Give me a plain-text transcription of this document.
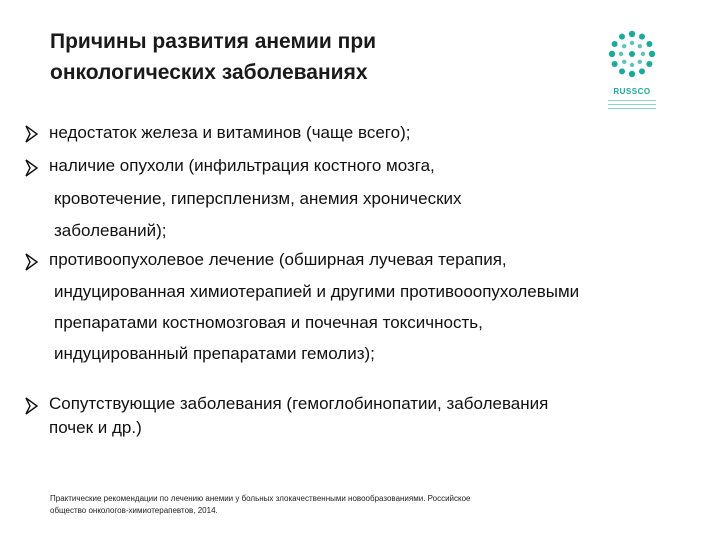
Причины развития анемии при
онкологических заболеваниях
RUSSCO
недостаток железа и витаминов (чаще всего);
наличие опухоли (инфильтрация костного мозга,
кровотечение, гиперспленизм, анемия хронических
заболеваний);
противоопухолевое лечение (обширная лучевая терапия,
индуцированная химиотерапией и другими противооопухолевыми
препаратами костномозговая и почечная токсичность,
индуцированный препаратами гемолиз);
Сопутствующие заболевания (гемоглобинопатии, заболевания
почек и др.)
Практические рекомендации по лечению анемии у больных злокачественными новообразованиями. Российское
общество онкологов-химиотерапевтов, 2014.
